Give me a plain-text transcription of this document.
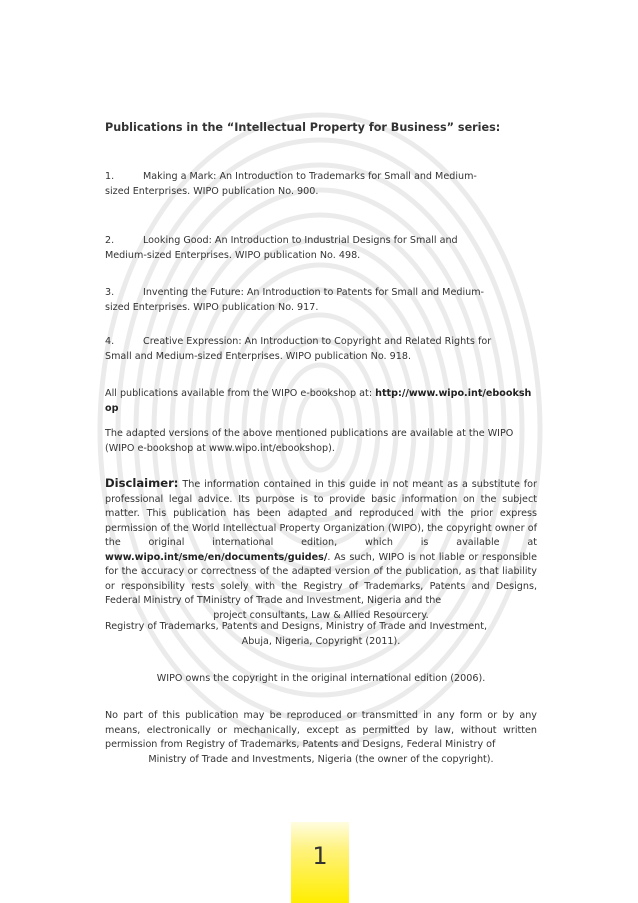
Publications in the “Intellectual Property for Business” series:
1.	Making a Mark: An Introduction to Trademarks for Small and Medium-
sized Enterprises. WIPO publication No. 900.
2.	Looking Good: An Introduction to Industrial Designs for Small and
Medium-sized Enterprises. WIPO publication No. 498.
3.	Inventing the Future: An Introduction to Patents for Small and Medium-
sized Enterprises. WIPO publication No. 917.
4.	Creative Expression: An Introduction to Copyright and Related Rights for
Small and Medium-sized Enterprises. WIPO publication No. 918.
All publications available from the WIPO e-bookshop at: http://www.wipo.int/ebookshop
The adapted versions of the above mentioned publications are available at the WIPO (WIPO e-bookshop at www.wipo.int/ebookshop).
Disclaimer: The information contained in this guide in not meant as a substitute for professional legal advice. Its purpose is to provide basic information on the subject matter. This publication has been adapted and reproduced with the prior express permission of the World Intellectual Property Organization (WIPO), the copyright owner of the original international edition, which is available at www.wipo.int/sme/en/documents/guides/. As such, WIPO is not liable or responsible for the accuracy or correctness of the adapted version of the publication, as that liability or responsibility rests solely with the Registry of Trademarks, Patents and Designs, Federal Ministry of TMinistry of Trade and Investment, Nigeria and the
project consultants, Law & Allied Resourcery.
Registry of Trademarks, Patents and Designs, Ministry of Trade and Investment,
Abuja, Nigeria, Copyright (2011).
WIPO owns the copyright in the original international edition (2006).
No part of this publication may be reproduced or transmitted in any form or by any means, electronically or mechanically, except as permitted by law, without written permission from Registry of Trademarks, Patents and Designs, Federal Ministry of
Ministry of Trade and Investments, Nigeria (the owner of the copyright).
1
